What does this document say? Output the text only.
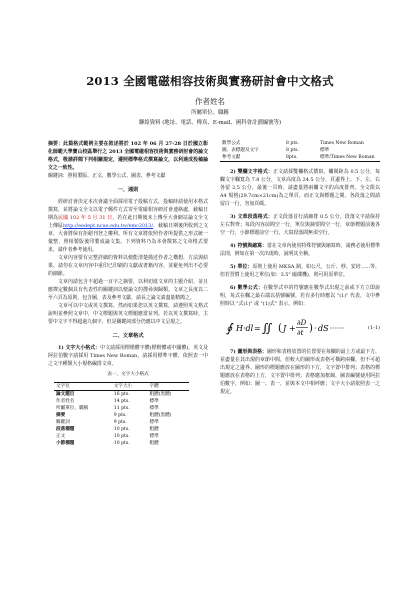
2013 全國電磁相容技術與實務研討會中文格式
作者姓名
所屬單位、職稱
聯絡資料 (地址、電話、傳真、E-mail、國科會計劃編號等)

摘要：此篇格式範例主要在敘述將於 102 年 06 月 27-28 日於國立彰化師範大學寶山校區舉行之 2013 全國電磁相容技術與實務研討會的論文格式，敬請詳閱下列相關規定，遵照標準格式撰寫論文，以利達成投稿論文之一致性。

關鍵詞：照相製版、正文、數學公式、圖表、參考文獻

一、通則

經研討會決定本次會議全面採用電子投稿方式，投稿時請使用本格式撰寫，並將論文全文以電子郵件方式寄至電磁相容研討會連絡處，截稿日期為民國 102 年 5 月 31 日，若在此日期後未上傳至大會網站論文全文上傳區http://eedept.ncue.edu.tw/emc2013/，截稿日期後所收到之文章，大會將保有拒絕刊登之權利。所有文章將依照作者所提供之形式統一彙整，照相製版後印製成論文集。下列資料乃為本會撰寫之文章格式要求，請作者參考使用。

文章內容要有完整詳細的資料以便能清楚描述作者之構想，方法與結果。請勿在文章內容中重印已印刷的文獻或書籍內容，並避免列出不必要的細節。

文章內請包含不超過一百字之摘要，以利切進文章的主題介紹，並且應擇定數個具有代表性的關鍵詞以便論文的搜尋與歸類。文章之長度以二至六頁為原則，包含圖、表及參考文獻，請長之論文請盡量精簡之。

文章可以中文或英文撰寫，然而如果您以英文撰寫，請遵照英文格式說明並參照文章中，中文標題與英文標題應當並列。若以英文撰寫時，主要中文字不得超過九個字，但是關鍵詞部分仍應以中文呈現之。

二、文章格式

1) 文字大小格式：中文請採用標楷體字體(標楷體或中國體)，英文及阿拉伯數字請採用 Times New Roman，請採用標準字體，依照表一中之文字種類大小規格編排文章。

表一、文字大小格式
文字位	文字大小	字體
論文題目	16 pts.	粗體(黑體)
作者姓名	14 pts.	標準
所屬單位、職稱	11 pts.	標準
摘要	9 pts.	粗體(黑體)
關鍵詞	9 pts.	標準
段落標題	10 pts.	粗體
正文	10 pts.	標準
小節標題	10 pts.	粗體
數學公式	8 pts.	Times New Roman
圖、表標題及文字	8 pts.	標準
參考文獻	8pts.	標準/Times New Roman

2) 雙欄文字格式：正文請採雙欄格式撰寫，欄間距為 0.5 公分，每欄文字欄寬為 7.8 公分，文章高度為 24.5 公分，頁邊界上、下、左、右各留 2.5 公分。最後一頁時，請盡量將兩欄文字的高度排齊。全文限以 A4 規格(29.7cm×21cm)為之單頁。而正文與標題之間、各段落之間請留白一行，勿加頁碼。

3) 文章段落格式：正文段落首行請縮排 0.5 公分，段落文字請保持左右對齊；每段內容前間空一行，單位與摘要間空一行，章節標題前後各空一行，小節標題前空一行，大寫段落間無須空行。

4) 符號與縮寫：當在文章內使用特殊符號與縮寫時，請務必使用標準法則，例如在第一次出現時，說明其全稱。

5) 單位：原則上使用 MKSA 制，如公尺，公斤、秒、安培......等，但若習慣上使用之單位(如：3.5" 磁碟機)，則可用原單位。

6) 數學公式：在數學式中的符號應在數學式出現之前或下方立即說明，每式在欄之最右端以括號編號，若有多行時應以 "(1)" 代表，文中參照時以 "式(1)" 或 "(1)式" 表示。例如：

∮ H·dl = ∬ ( J +
∂D
∂t ) · dS	(1-1)

7) 圖形與表格：圖形和表格放置的位置要在每欄的最上方或最下方，並盡量在其出現的章節中間，但較大的圖形或表格可橫跨兩欄，但不可超出規定之邊界。圖形的標題應放在圖形的下方，文字置中排列；表格的標題應放在表格的上方，文字置中排列；表格應加框線，圖表編號使用阿拉伯數字，例如：圖一、表一，並與本文中相呼應；文字大小請依照表一之規定。
